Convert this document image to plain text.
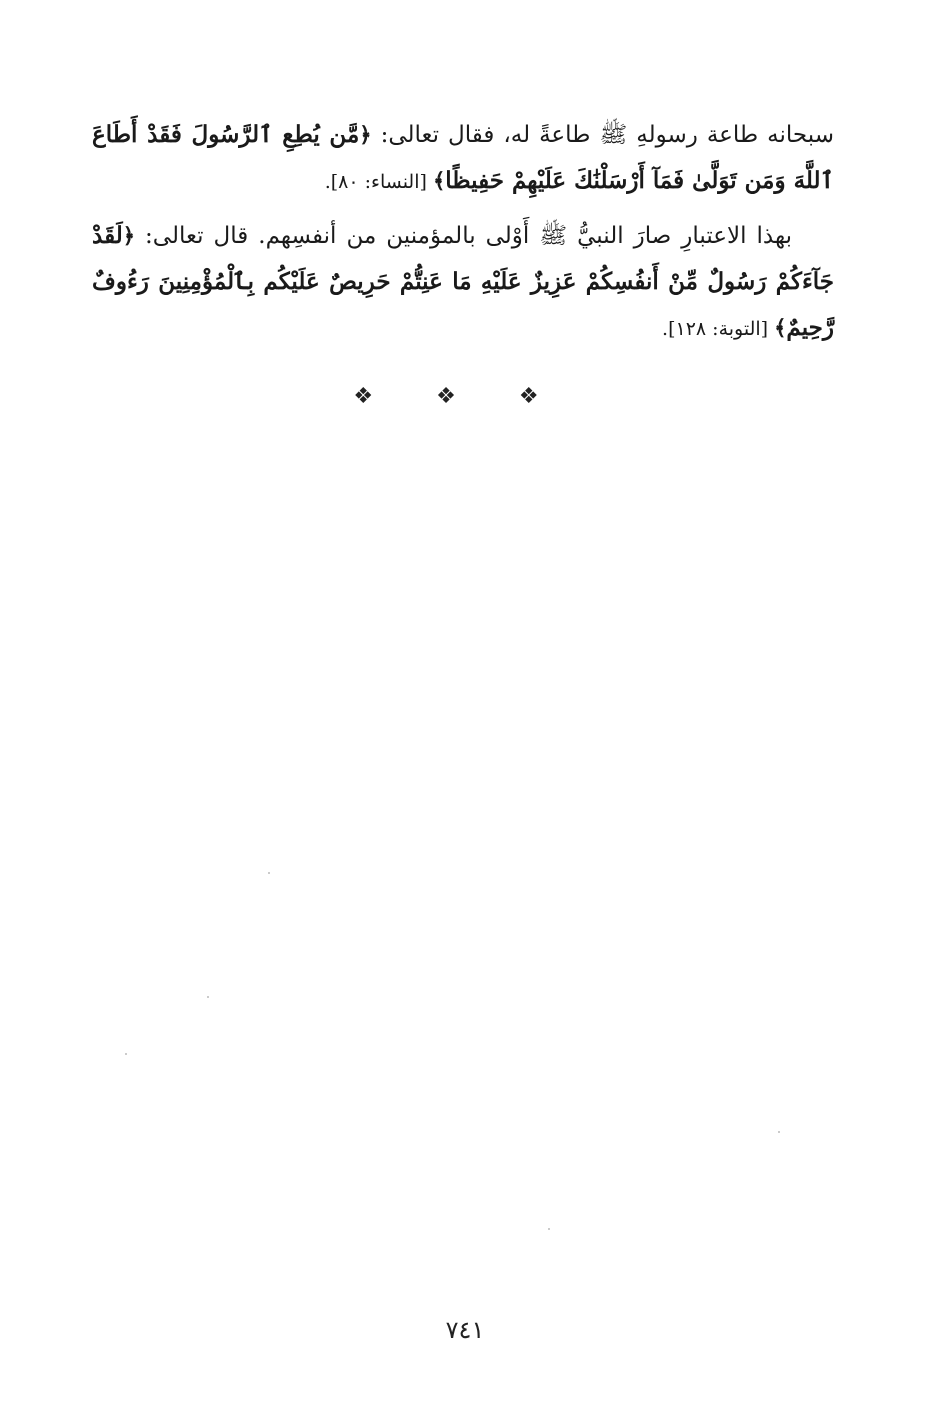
سبحانه طاعة رسولهِ ﷺ طاعةً له، فقال تعالى: ﴿مَّن يُطِعِ ٱلرَّسُولَ فَقَدْ أَطَاعَ ٱللَّهَ وَمَن تَوَلَّىٰ فَمَآ أَرْسَلْنَٰكَ عَلَيْهِمْ حَفِيظًا﴾ [النساء: ٨٠].

بهذا الاعتبارِ صارَ النبيُّ ﷺ أَوْلى بالمؤمنين من أنفسِهم. قال تعالى: ﴿لَقَدْ جَآءَكُمْ رَسُولٌ مِّنْ أَنفُسِكُمْ عَزِيزٌ عَلَيْهِ مَا عَنِتُّمْ حَرِيصٌ عَلَيْكُم بِٱلْمُؤْمِنِينَ رَءُوفٌ رَّحِيمٌ﴾ [التوبة: ١٢٨].

❖ ❖ ❖
٧٤١
